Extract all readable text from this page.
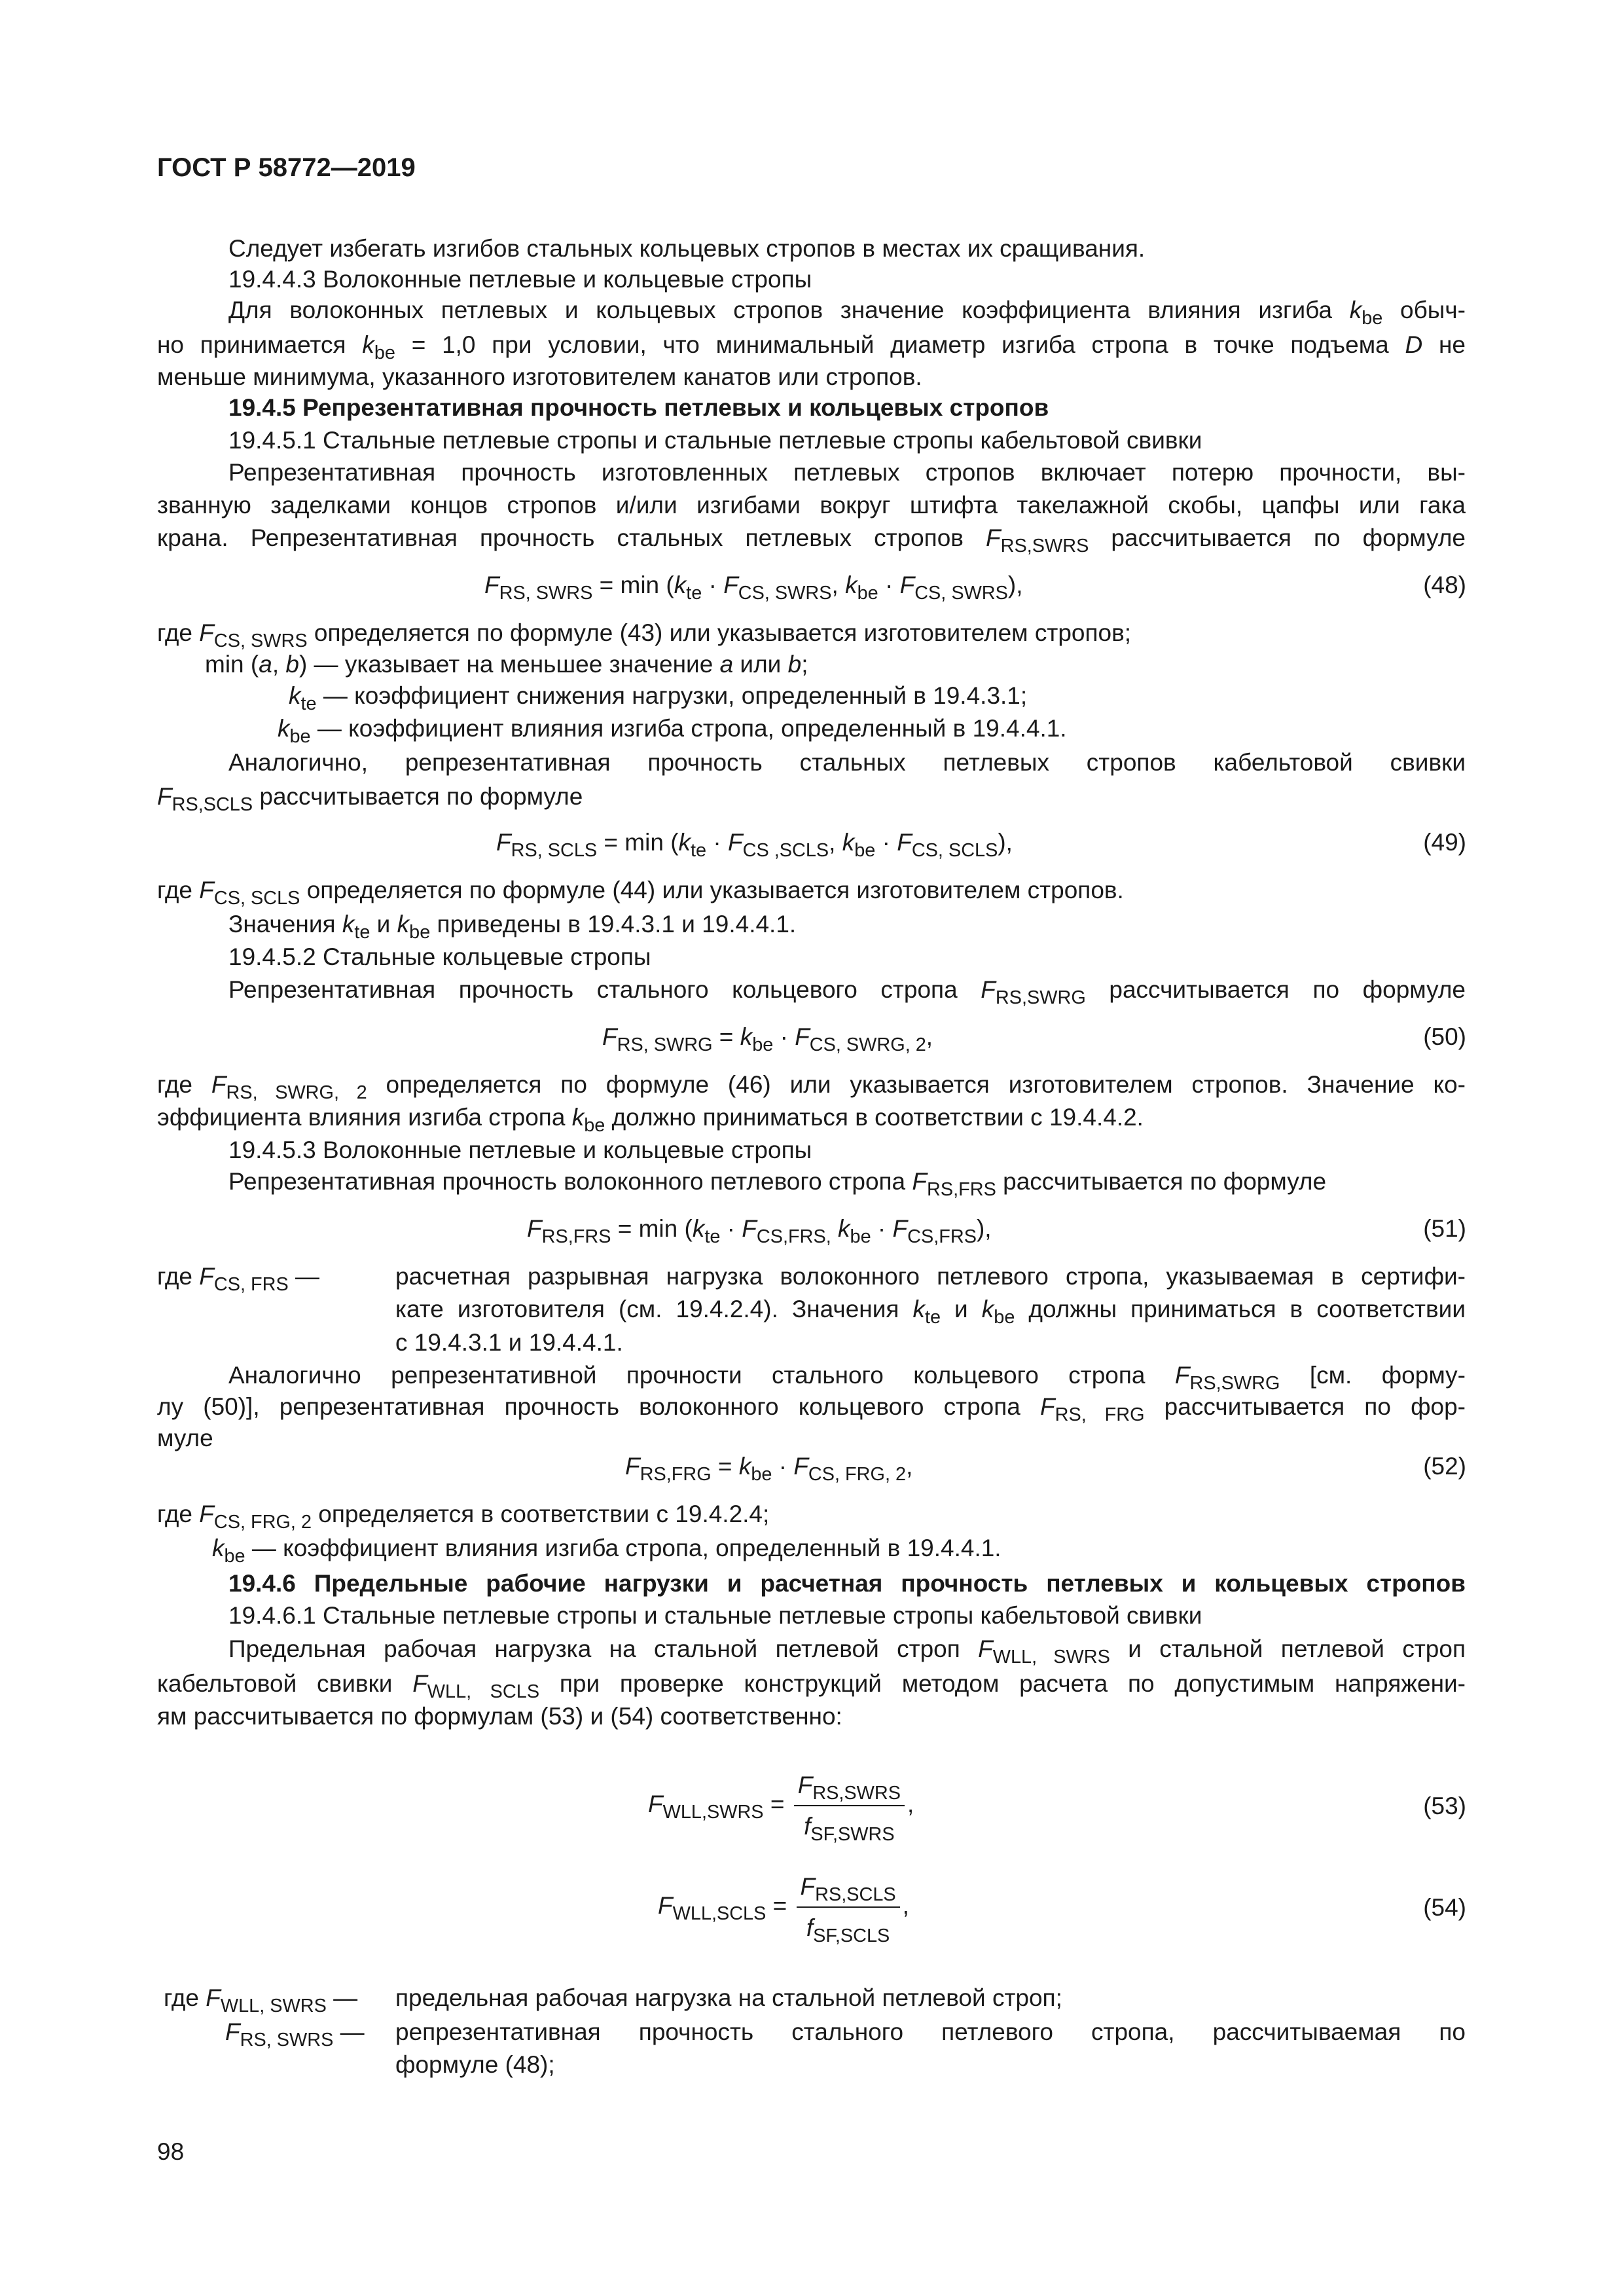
ГОСТ Р 58772—2019
Следует избегать изгибов стальных кольцевых стропов в местах их сращивания.
19.4.4.3 Волоконные петлевые и кольцевые стропы
Для волоконных петлевых и кольцевых стропов значение коэффициента влияния изгиба $k_{be}$ обыч-
но принимается $k_{be} = 1,0$ при условии, что минимальный диаметр изгиба стропа в точке подъема D не
меньше минимума, указанного изготовителем канатов или стропов.
19.4.5 Репрезентативная прочность петлевых и кольцевых стропов
19.4.5.1 Стальные петлевые стропы и стальные петлевые стропы кабельтовой свивки
Репрезентативная прочность изготовленных петлевых стропов включает потерю прочности, вы-
званную заделками концов стропов и/или изгибами вокруг штифта такелажной скобы, цапфы или гака
крана. Репрезентативная прочность стальных петлевых стропов $F_{RS,SWRS}$ рассчитывается по формуле
$F_{RS, SWRS} = \min (k_{te} \cdot F_{CS, SWRS}$, $k_{be} \cdot F_{CS, SWRS}$),	(48)
где $F_{CS, SWRS}$ определяется по формуле (43) или указывается изготовителем стропов;
min (a, b) — указывает на меньшее значение a или b;
$k_{te}$ — коэффициент снижения нагрузки, определенный в 19.4.3.1;
$k_{be}$ — коэффициент влияния изгиба стропа, определенный в 19.4.4.1.
Аналогично, репрезентативная прочность стальных петлевых стропов кабельтовой свивки
$F_{RS,SCLS}$ рассчитывается по формуле
$F_{RS, SCLS} = \min (k_{te} \cdot F_{CS ,SCLS}$, $k_{be} \cdot F_{CS, SCLS}$),	(49)
где $F_{CS, SCLS}$ определяется по формуле (44) или указывается изготовителем стропов.
Значения $k_{te}$ и $k_{be}$ приведены в 19.4.3.1 и 19.4.4.1.
19.4.5.2 Стальные кольцевые стропы
Репрезентативная прочность стального кольцевого стропа $F_{RS,SWRG}$ рассчитывается по формуле
$F_{RS, SWRG} = k_{be} \cdot F_{CS, SWRG, 2}$,	(50)
где $F_{RS, SWRG, 2}$ определяется по формуле (46) или указывается изготовителем стропов. Значение ко-
эффициента влияния изгиба стропа $k_{be}$ должно приниматься в соответствии с 19.4.4.2.
19.4.5.3 Волоконные петлевые и кольцевые стропы
Репрезентативная прочность волоконного петлевого стропа $F_{RS,FRS}$ рассчитывается по формуле
$F_{RS,FRS} = \min (k_{te} \cdot F_{CS,FRS,}$ $k_{be} \cdot F_{CS,FRS}$),	(51)
где $F_{CS, FRS}$ —	расчетная разрывная нагрузка волоконного петлевого стропа, указываемая в сертифи-
кате изготовителя (см. 19.4.2.4). Значения $k_{te}$ и $k_{be}$ должны приниматься в соответствии
с 19.4.3.1 и 19.4.4.1.
Аналогично репрезентативной прочности стального кольцевого стропа $F_{RS,SWRG}$ [см. форму-
лу (50)], репрезентативная прочность волоконного кольцевого стропа $F_{RS, FRG}$ рассчитывается по фор-
муле
$F_{RS,FRG} = k_{be} \cdot F_{CS, FRG, 2}$,	(52)
где $F_{CS, FRG, 2}$ определяется в соответствии с 19.4.2.4;
$k_{be}$ — коэффициент влияния изгиба стропа, определенный в 19.4.4.1.
19.4.6 Предельные рабочие нагрузки и расчетная прочность петлевых и кольцевых стропов
19.4.6.1 Стальные петлевые стропы и стальные петлевые стропы кабельтовой свивки
Предельная рабочая нагрузка на стальной петлевой строп $F_{WLL, SWRS}$ и стальной петлевой строп
кабельтовой свивки $F_{WLL, SCLS}$ при проверке конструкций методом расчета по допустимым напряжени-
ям рассчитывается по формулам (53) и (54) соответственно:
$F_{WLL,SWRS} = \frac{F_{RS,SWRS}}{f_{SF,SWRS}}$ ,	(53)
$F_{WLL,SCLS} = \frac{F_{RS,SCLS}}{f_{SF,SCLS}}$ ,	(54)
где $F_{WLL, SWRS}$ — предельная рабочая нагрузка на стальной петлевой строп;
$F_{RS, SWRS}$ — репрезентативная прочность стального петлевого стропа, рассчитываемая по
формуле (48);
98
